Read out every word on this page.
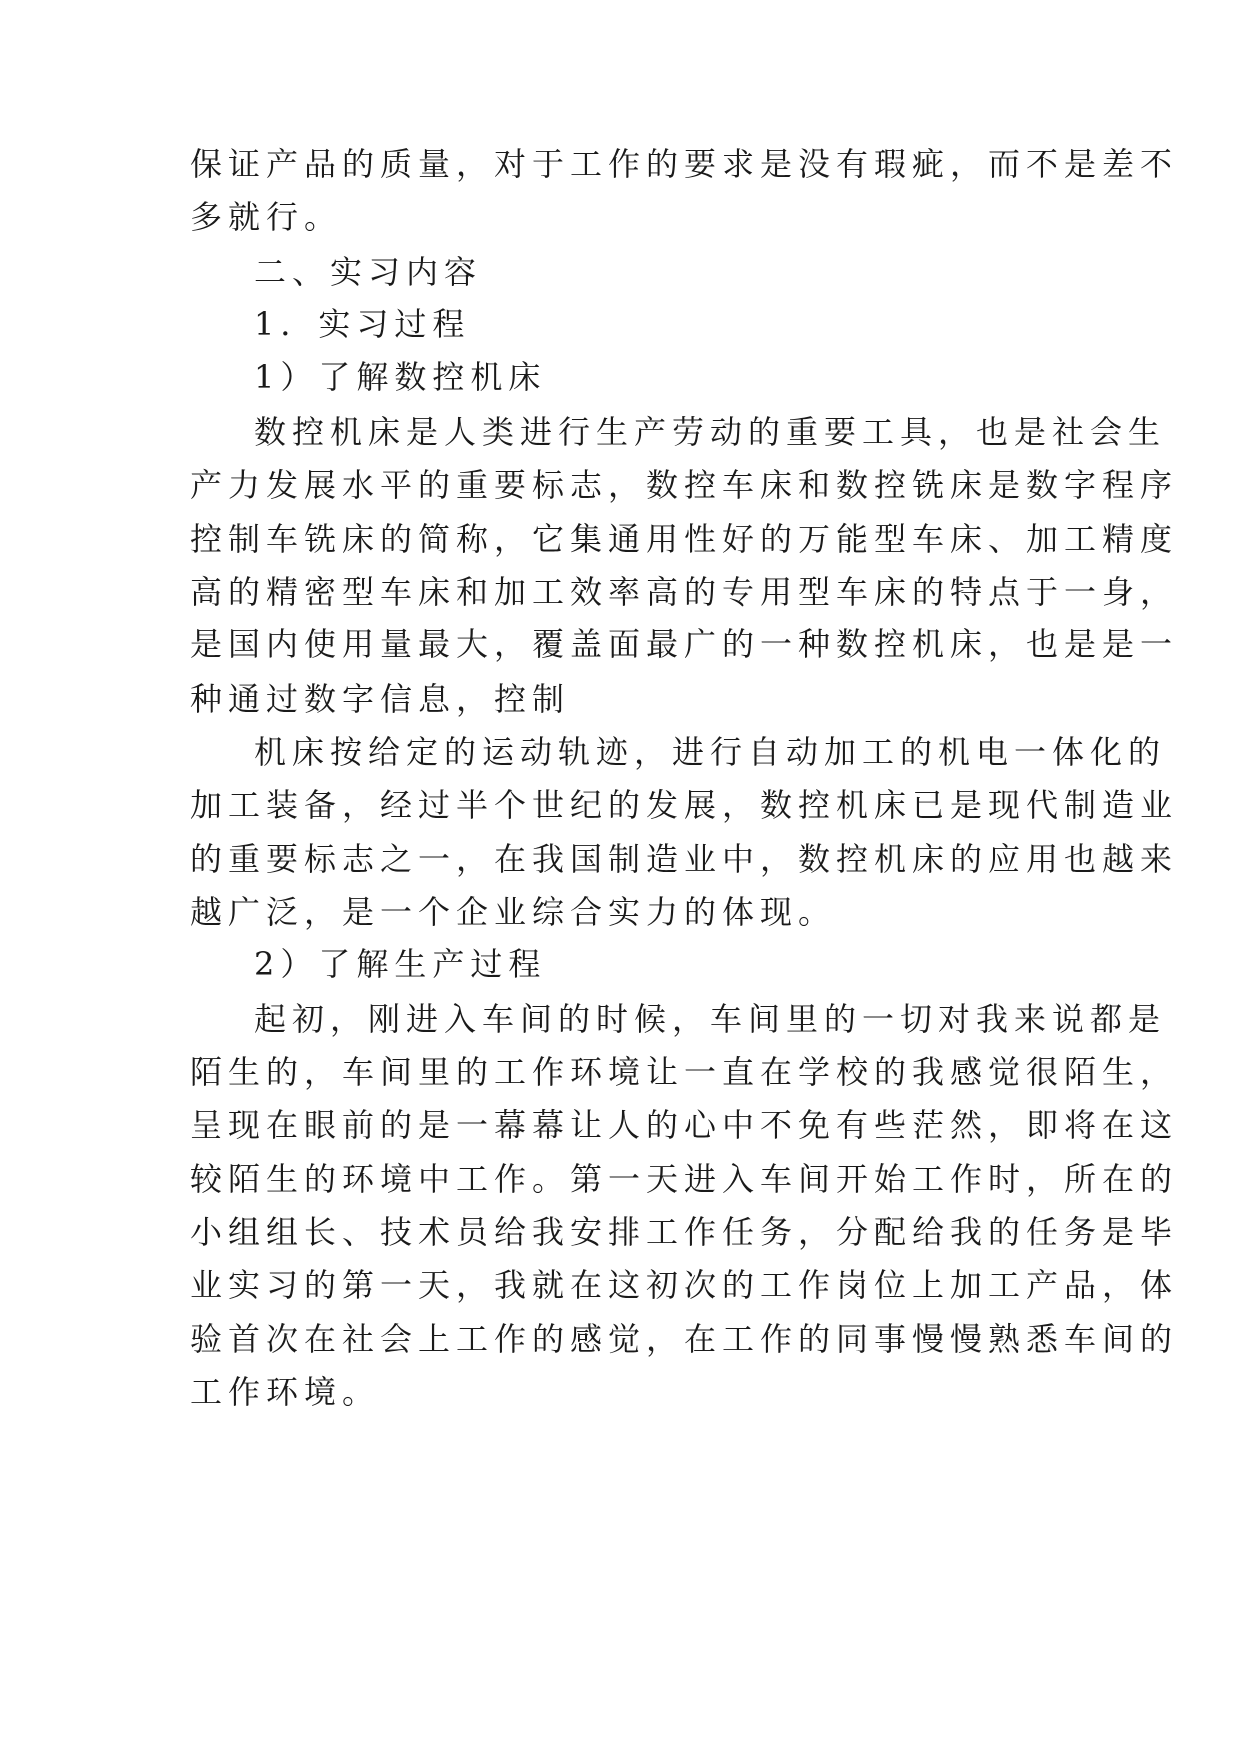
保证产品的质量，对于工作的要求是没有瑕疵，而不是差不
多就行。
二、实习内容
1．实习过程
1）了解数控机床
数控机床是人类进行生产劳动的重要工具，也是社会生
产力发展水平的重要标志，数控车床和数控铣床是数字程序
控制车铣床的简称，它集通用性好的万能型车床、加工精度
高的精密型车床和加工效率高的专用型车床的特点于一身，
是国内使用量最大，覆盖面最广的一种数控机床，也是是一
种通过数字信息，控制
机床按给定的运动轨迹，进行自动加工的机电一体化的
加工装备，经过半个世纪的发展，数控机床已是现代制造业
的重要标志之一，在我国制造业中，数控机床的应用也越来
越广泛，是一个企业综合实力的体现。
2）了解生产过程
起初，刚进入车间的时候，车间里的一切对我来说都是
陌生的，车间里的工作环境让一直在学校的我感觉很陌生，
呈现在眼前的是一幕幕让人的心中不免有些茫然，即将在这
较陌生的环境中工作。第一天进入车间开始工作时，所在的
小组组长、技术员给我安排工作任务，分配给我的任务是毕
业实习的第一天，我就在这初次的工作岗位上加工产品，体
验首次在社会上工作的感觉，在工作的同事慢慢熟悉车间的
工作环境。
